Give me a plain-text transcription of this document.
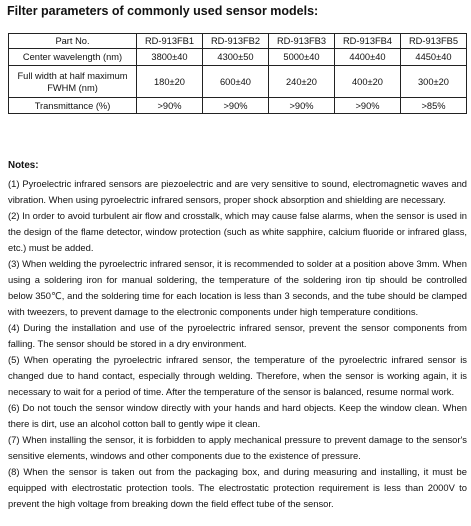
Filter parameters of commonly used sensor models:
Part No.	RD-913FB1	RD-913FB2	RD-913FB3	RD-913FB4	RD-913FB5
Center wavelength (nm)	3800±40	4300±50	5000±40	4400±40	4450±40
Full width at half maximum FWHM (nm)	180±20	600±40	240±20	400±20	300±20
Transmittance (%)	>90%	>90%	>90%	>90%	>85%
Notes:

(1) Pyroelectric infrared sensors are piezoelectric and are very sensitive to sound, electromagnetic waves and vibration. When using pyroelectric infrared sensors, proper shock absorption and shielding are necessary.

(2) In order to avoid turbulent air flow and crosstalk, which may cause false alarms, when the sensor is used in the design of the flame detector, window protection (such as white sapphire, calcium fluoride or infrared glass, etc.) must be added.

(3) When welding the pyroelectric infrared sensor, it is recommended to solder at a position above 3mm. When using a soldering iron for manual soldering, the temperature of the soldering iron tip should be controlled below 350℃, and the soldering time for each location is less than 3 seconds, and the tube should be clamped with tweezers, to prevent damage to the electronic components under high temperature conditions.

(4) During the installation and use of the pyroelectric infrared sensor, prevent the sensor components from falling. The sensor should be stored in a dry environment.

(5) When operating the pyroelectric infrared sensor, the temperature of the pyroelectric infrared sensor is changed due to hand contact, especially through welding. Therefore, when the sensor is working again, it is necessary to wait for a period of time. After the temperature of the sensor is balanced, resume normal work.

(6) Do not touch the sensor window directly with your hands and hard objects. Keep the window clean. When there is dirt, use an alcohol cotton ball to gently wipe it clean.

(7) When installing the sensor, it is forbidden to apply mechanical pressure to prevent damage to the sensor's sensitive elements, windows and other components due to the existence of pressure.

(8) When the sensor is taken out from the packaging box, and during measuring and installing, it must be equipped with electrostatic protection tools. The electrostatic protection requirement is less than 2000V to prevent the high voltage from breaking down the field effect tube of the sensor.
